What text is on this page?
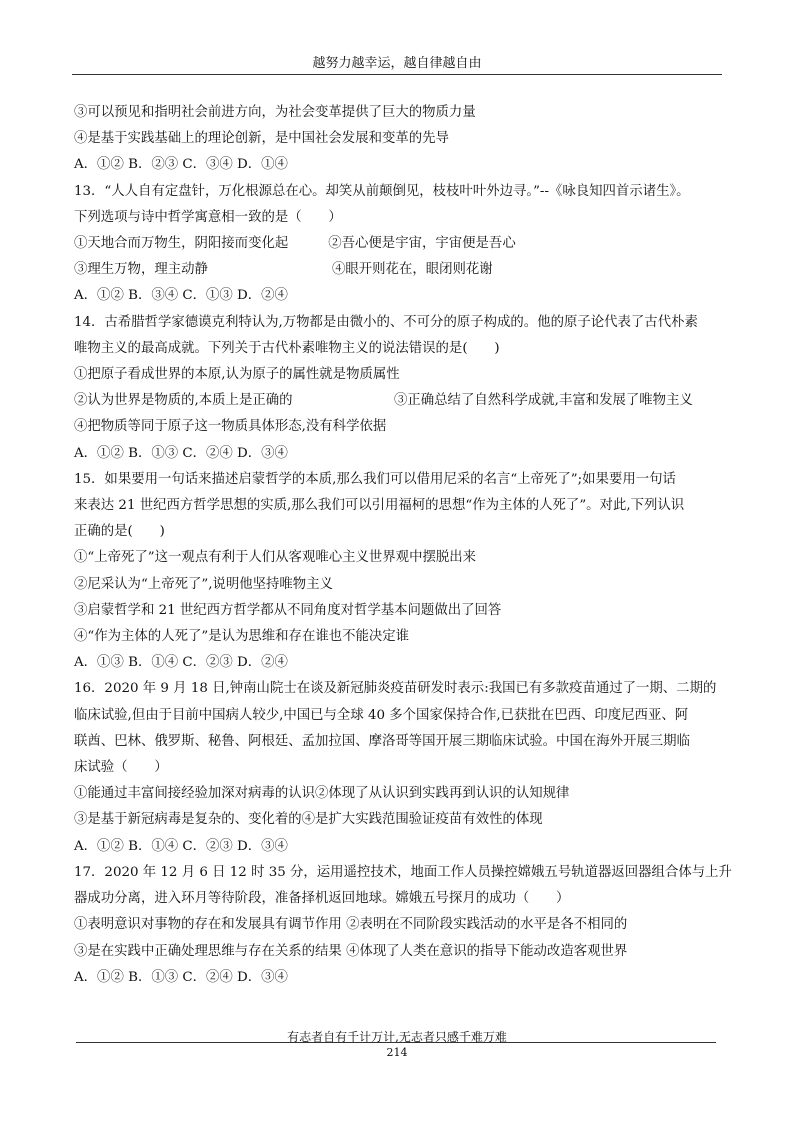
越努力越幸运，越自律越自由
③可以预见和指明社会前进方向，为社会变革提供了巨大的物质力量
④是基于实践基础上的理论创新，是中国社会发展和变革的先导
A．①② B．②③ C．③④ D．①④
13．“人人自有定盘针，万化根源总在心。却笑从前颠倒见，枝枝叶叶外边寻。”--《咏良知四首示诸生》。
下列选项与诗中哲学寓意相一致的是（　　）
①天地合而万物生，阴阳接而变化起	②吾心便是宇宙，宇宙便是吾心
③理生万物，理主动静	④眼开则花在，眼闭则花谢
A．①② B．③④ C．①③ D．②④
14．古希腊哲学家德谟克利特认为,万物都是由微小的、不可分的原子构成的。他的原子论代表了古代朴素
唯物主义的最高成就。下列关于古代朴素唯物主义的说法错误的是(　　)
①把原子看成世界的本原,认为原子的属性就是物质属性
②认为世界是物质的,本质上是正确的	③正确总结了自然科学成就,丰富和发展了唯物主义
④把物质等同于原子这一物质具体形态,没有科学依据
A．①② B．①③ C．②④ D．③④
15．如果要用一句话来描述启蒙哲学的本质,那么我们可以借用尼采的名言“上帝死了”;如果要用一句话
来表达 21 世纪西方哲学思想的实质,那么我们可以引用福柯的思想“作为主体的人死了”。对此,下列认识
正确的是(　　)
①“上帝死了”这一观点有利于人们从客观唯心主义世界观中摆脱出来
②尼采认为“上帝死了”,说明他坚持唯物主义
③启蒙哲学和 21 世纪西方哲学都从不同角度对哲学基本问题做出了回答
④“作为主体的人死了”是认为思维和存在谁也不能决定谁
A．①③ B．①④ C．②③ D．②④
16．2020 年 9 月 18 日,钟南山院士在谈及新冠肺炎疫苗研发时表示:我国已有多款疫苗通过了一期、二期的
临床试验,但由于目前中国病人较少,中国已与全球 40 多个国家保持合作,已获批在巴西、印度尼西亚、阿
联酋、巴林、俄罗斯、秘鲁、阿根廷、孟加拉国、摩洛哥等国开展三期临床试验。中国在海外开展三期临
床试验（　　）
①能通过丰富间接经验加深对病毒的认识②体现了从认识到实践再到认识的认知规律
③是基于新冠病毒是复杂的、变化着的④是扩大实践范围验证疫苗有效性的体现
A．①② B．①④ C．②③ D．③④
17．2020 年 12 月 6 日 12 时 35 分，运用遥控技术，地面工作人员操控嫦娥五号轨道器返回器组合体与上升
器成功分离，进入环月等待阶段，准备择机返回地球。嫦娥五号探月的成功（　　）
①表明意识对事物的存在和发展具有调节作用 ②表明在不同阶段实践活动的水平是各不相同的
③是在实践中正确处理思维与存在关系的结果 ④体现了人类在意识的指导下能动改造客观世界
A．①② B．①③ C．②④ D．③④
有志者自有千计万计,无志者只感千难万难
214
